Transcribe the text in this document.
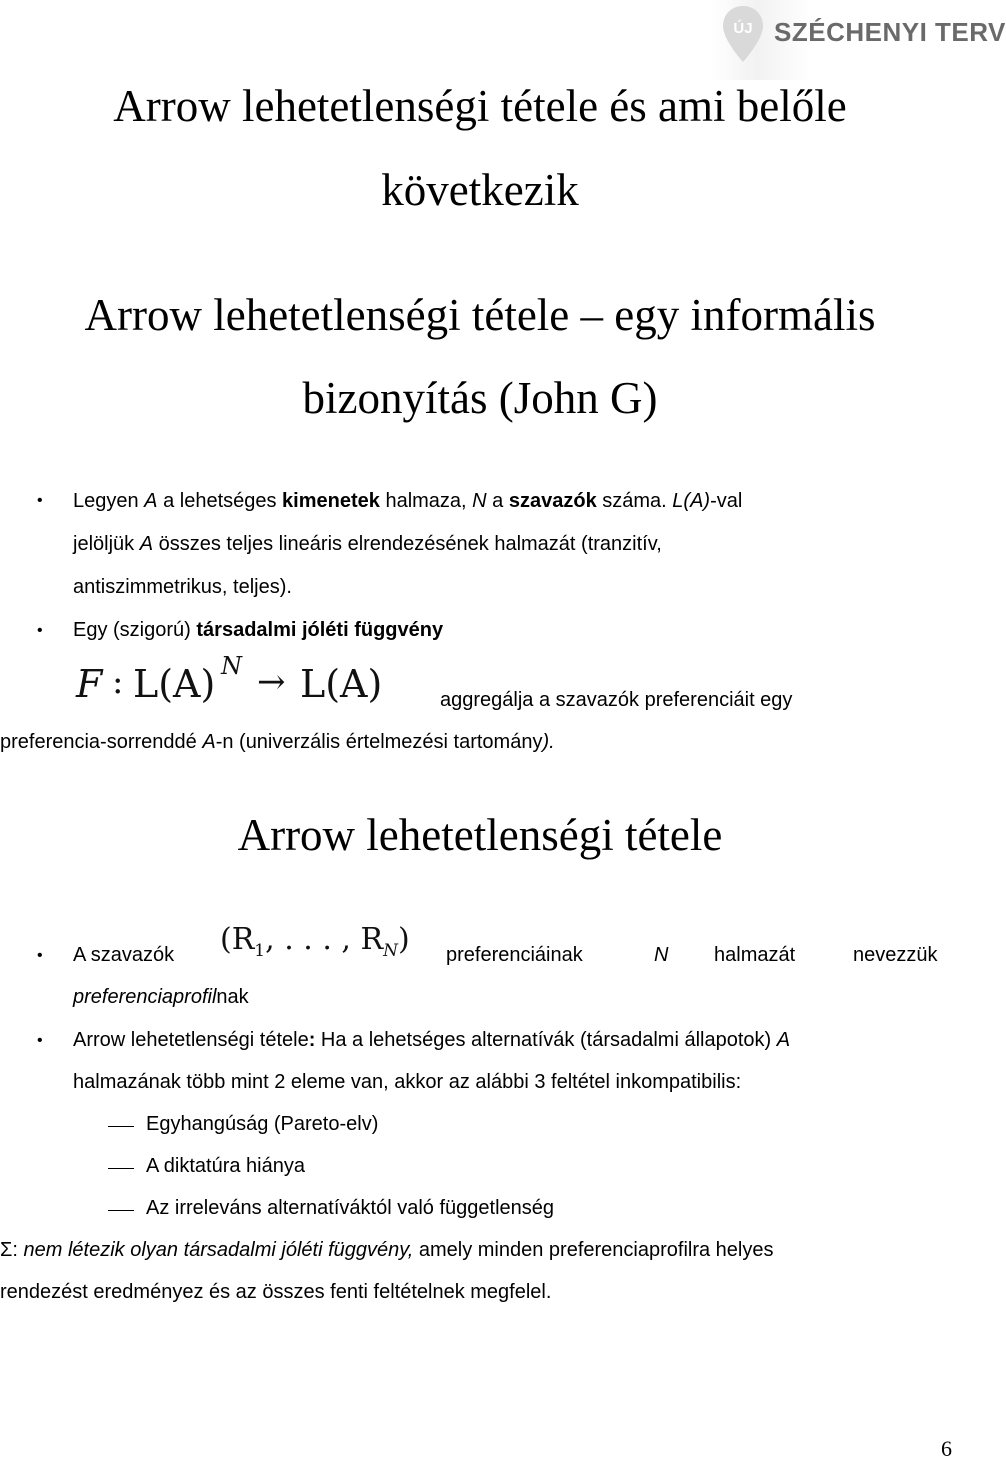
ÚJ SZÉCHENYI TERV
Arrow lehetetlenségi tétele és ami belőle
következik
Arrow lehetetlenségi tétele – egy informális
bizonyítás (John G)
• Legyen A a lehetséges kimenetek halmaza, N a szavazók száma. L(A)-val
jelöljük A összes teljes lineáris elrendezésének halmazát (tranzitív,
antiszimmetrikus, teljes).
• Egy (szigorú) társadalmi jóléti függvény
F : L(A) N → L(A)	aggregálja a szavazók preferenciáit egy
preferencia-sorrenddé A-n (univerzális értelmezési tartomány).
Arrow lehetetlenségi tétele
• A szavazók ($R_1$, . . . , $R_N$) preferenciáinak	N halmazát	nevezzük
preferenciaprofilnak
• Arrow lehetetlenségi tétele: Ha a lehetséges alternatívák (társadalmi állapotok) A
halmazának több mint 2 eleme van, akkor az alábbi 3 feltétel inkompatibilis:
Egyhangúság (Pareto-elv)
A diktatúra hiánya
Az irreleváns alternatíváktól való függetlenség
Σ: nem létezik olyan társadalmi jóléti függvény, amely minden preferenciaprofilra helyes
rendezést eredményez és az összes fenti feltételnek megfelel.
6
